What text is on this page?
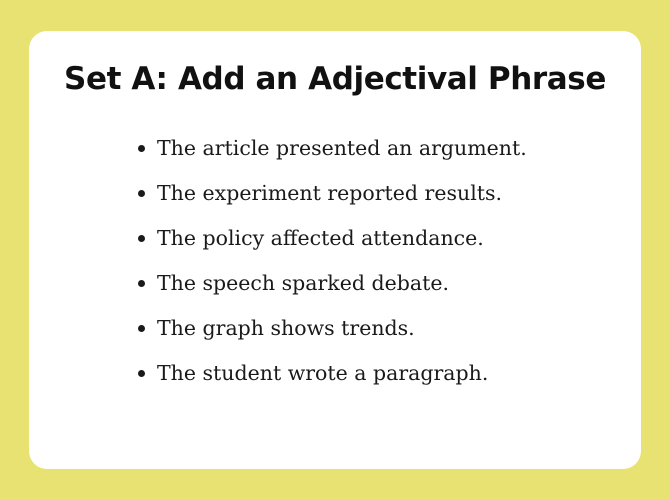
Set A: Add an Adjectival Phrase
The article presented an argument.
The experiment reported results.
The policy affected attendance.
The speech sparked debate.
The graph shows trends.
The student wrote a paragraph.
